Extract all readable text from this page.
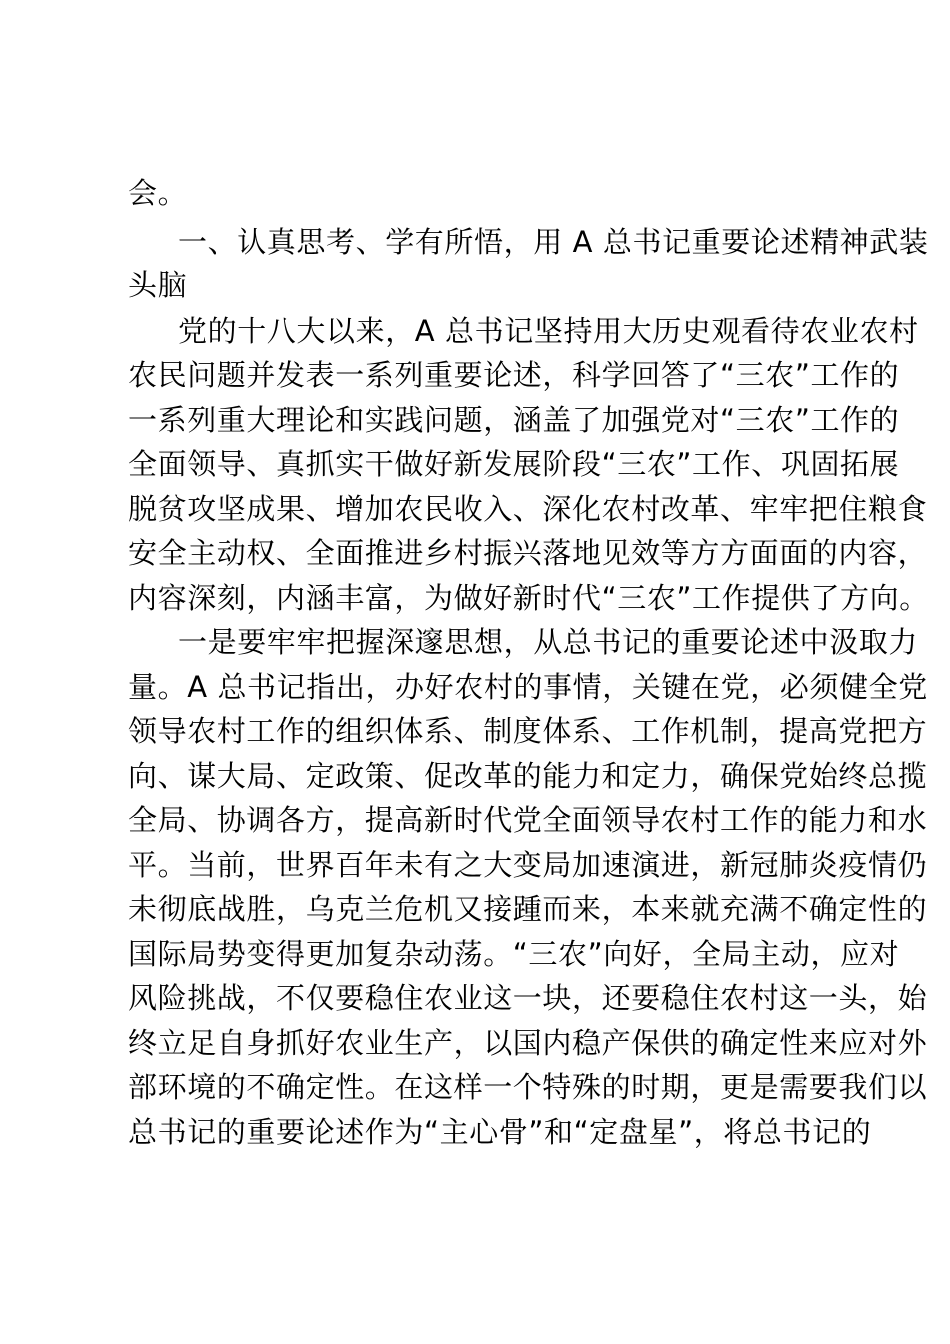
会。
一、认真思考、学有所悟，用 A 总书记重要论述精神武装
头脑
党的十八大以来，A 总书记坚持用大历史观看待农业农村
农民问题并发表一系列重要论述，科学回答了“三农”工作的
一系列重大理论和实践问题，涵盖了加强党对“三农”工作的
全面领导、真抓实干做好新发展阶段“三农”工作、巩固拓展
脱贫攻坚成果、增加农民收入、深化农村改革、牢牢把住粮食
安全主动权、全面推进乡村振兴落地见效等方方面面的内容，
内容深刻，内涵丰富，为做好新时代“三农”工作提供了方向。
一是要牢牢把握深邃思想，从总书记的重要论述中汲取力
量。A 总书记指出，办好农村的事情，关键在党，必须健全党
领导农村工作的组织体系、制度体系、工作机制，提高党把方
向、谋大局、定政策、促改革的能力和定力，确保党始终总揽
全局、协调各方，提高新时代党全面领导农村工作的能力和水
平。当前，世界百年未有之大变局加速演进，新冠肺炎疫情仍
未彻底战胜，乌克兰危机又接踵而来，本来就充满不确定性的
国际局势变得更加复杂动荡。“三农”向好，全局主动，应对
风险挑战，不仅要稳住农业这一块，还要稳住农村这一头，始
终立足自身抓好农业生产，以国内稳产保供的确定性来应对外
部环境的不确定性。在这样一个特殊的时期，更是需要我们以
总书记的重要论述作为“主心骨”和“定盘星”，将总书记的
